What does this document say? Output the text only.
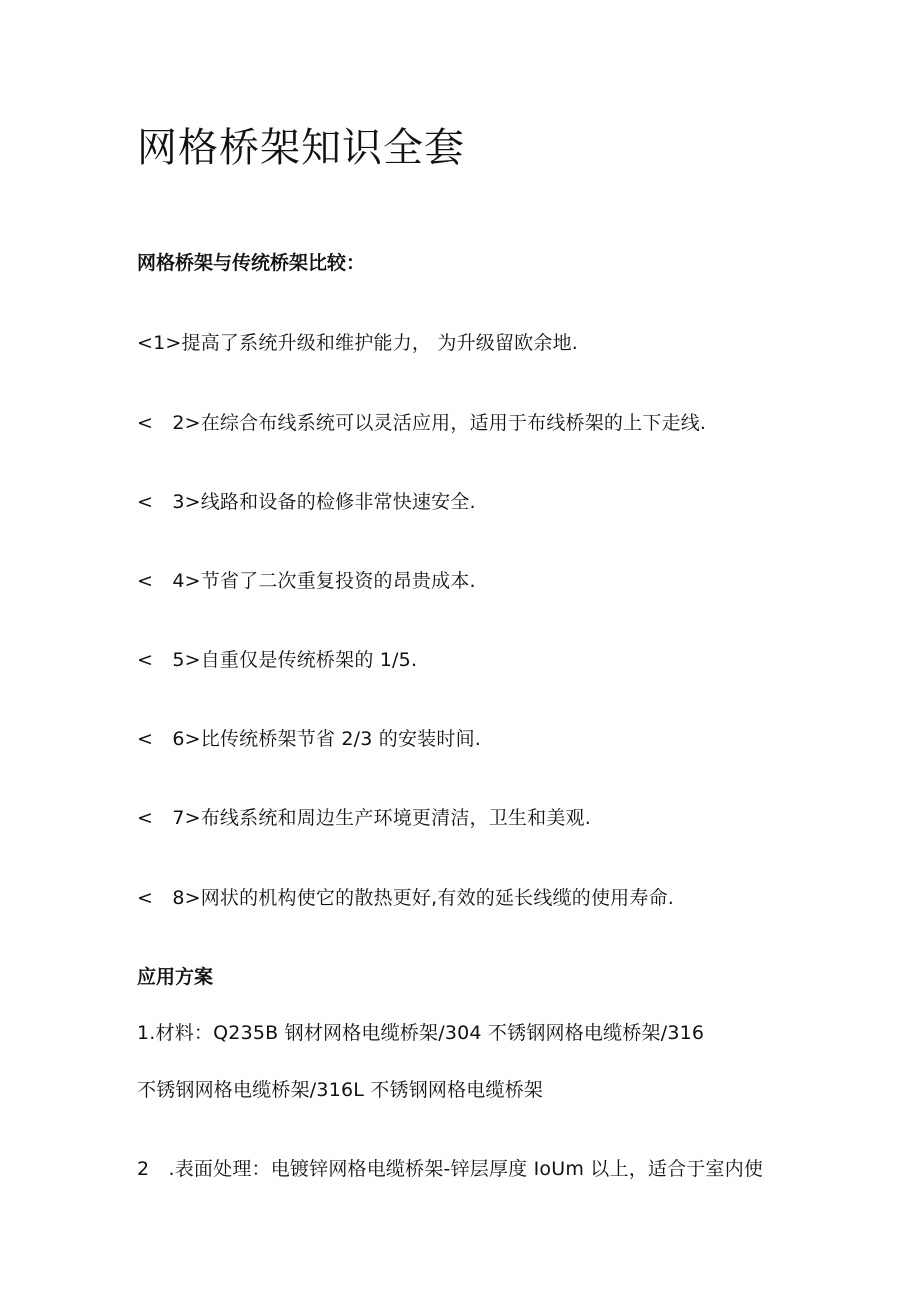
网格桥架知识全套
网格桥架与传统桥架比较：

<1>提高了系统升级和维护能力， 为升级留欧余地.

<　2>在综合布线系统可以灵活应用，适用于布线桥架的上下走线.

<　3>线路和设备的检修非常快速安全.

<　4>节省了二次重复投资的昂贵成本.

<　5>自重仅是传统桥架的 1/5.

<　6>比传统桥架节省 2/3 的安装时间.

<　7>布线系统和周边生产环境更清洁，卫生和美观.

<　8>网状的机构使它的散热更好,有效的延长线缆的使用寿命.

应用方案

1.材料：Q235B 钢材网格电缆桥架/304 不锈钢网格电缆桥架/316

不锈钢网格电缆桥架/316L 不锈钢网格电缆桥架

2　.表面处理：电镀锌网格电缆桥架-锌层厚度 IoUm 以上，适合于室内使
